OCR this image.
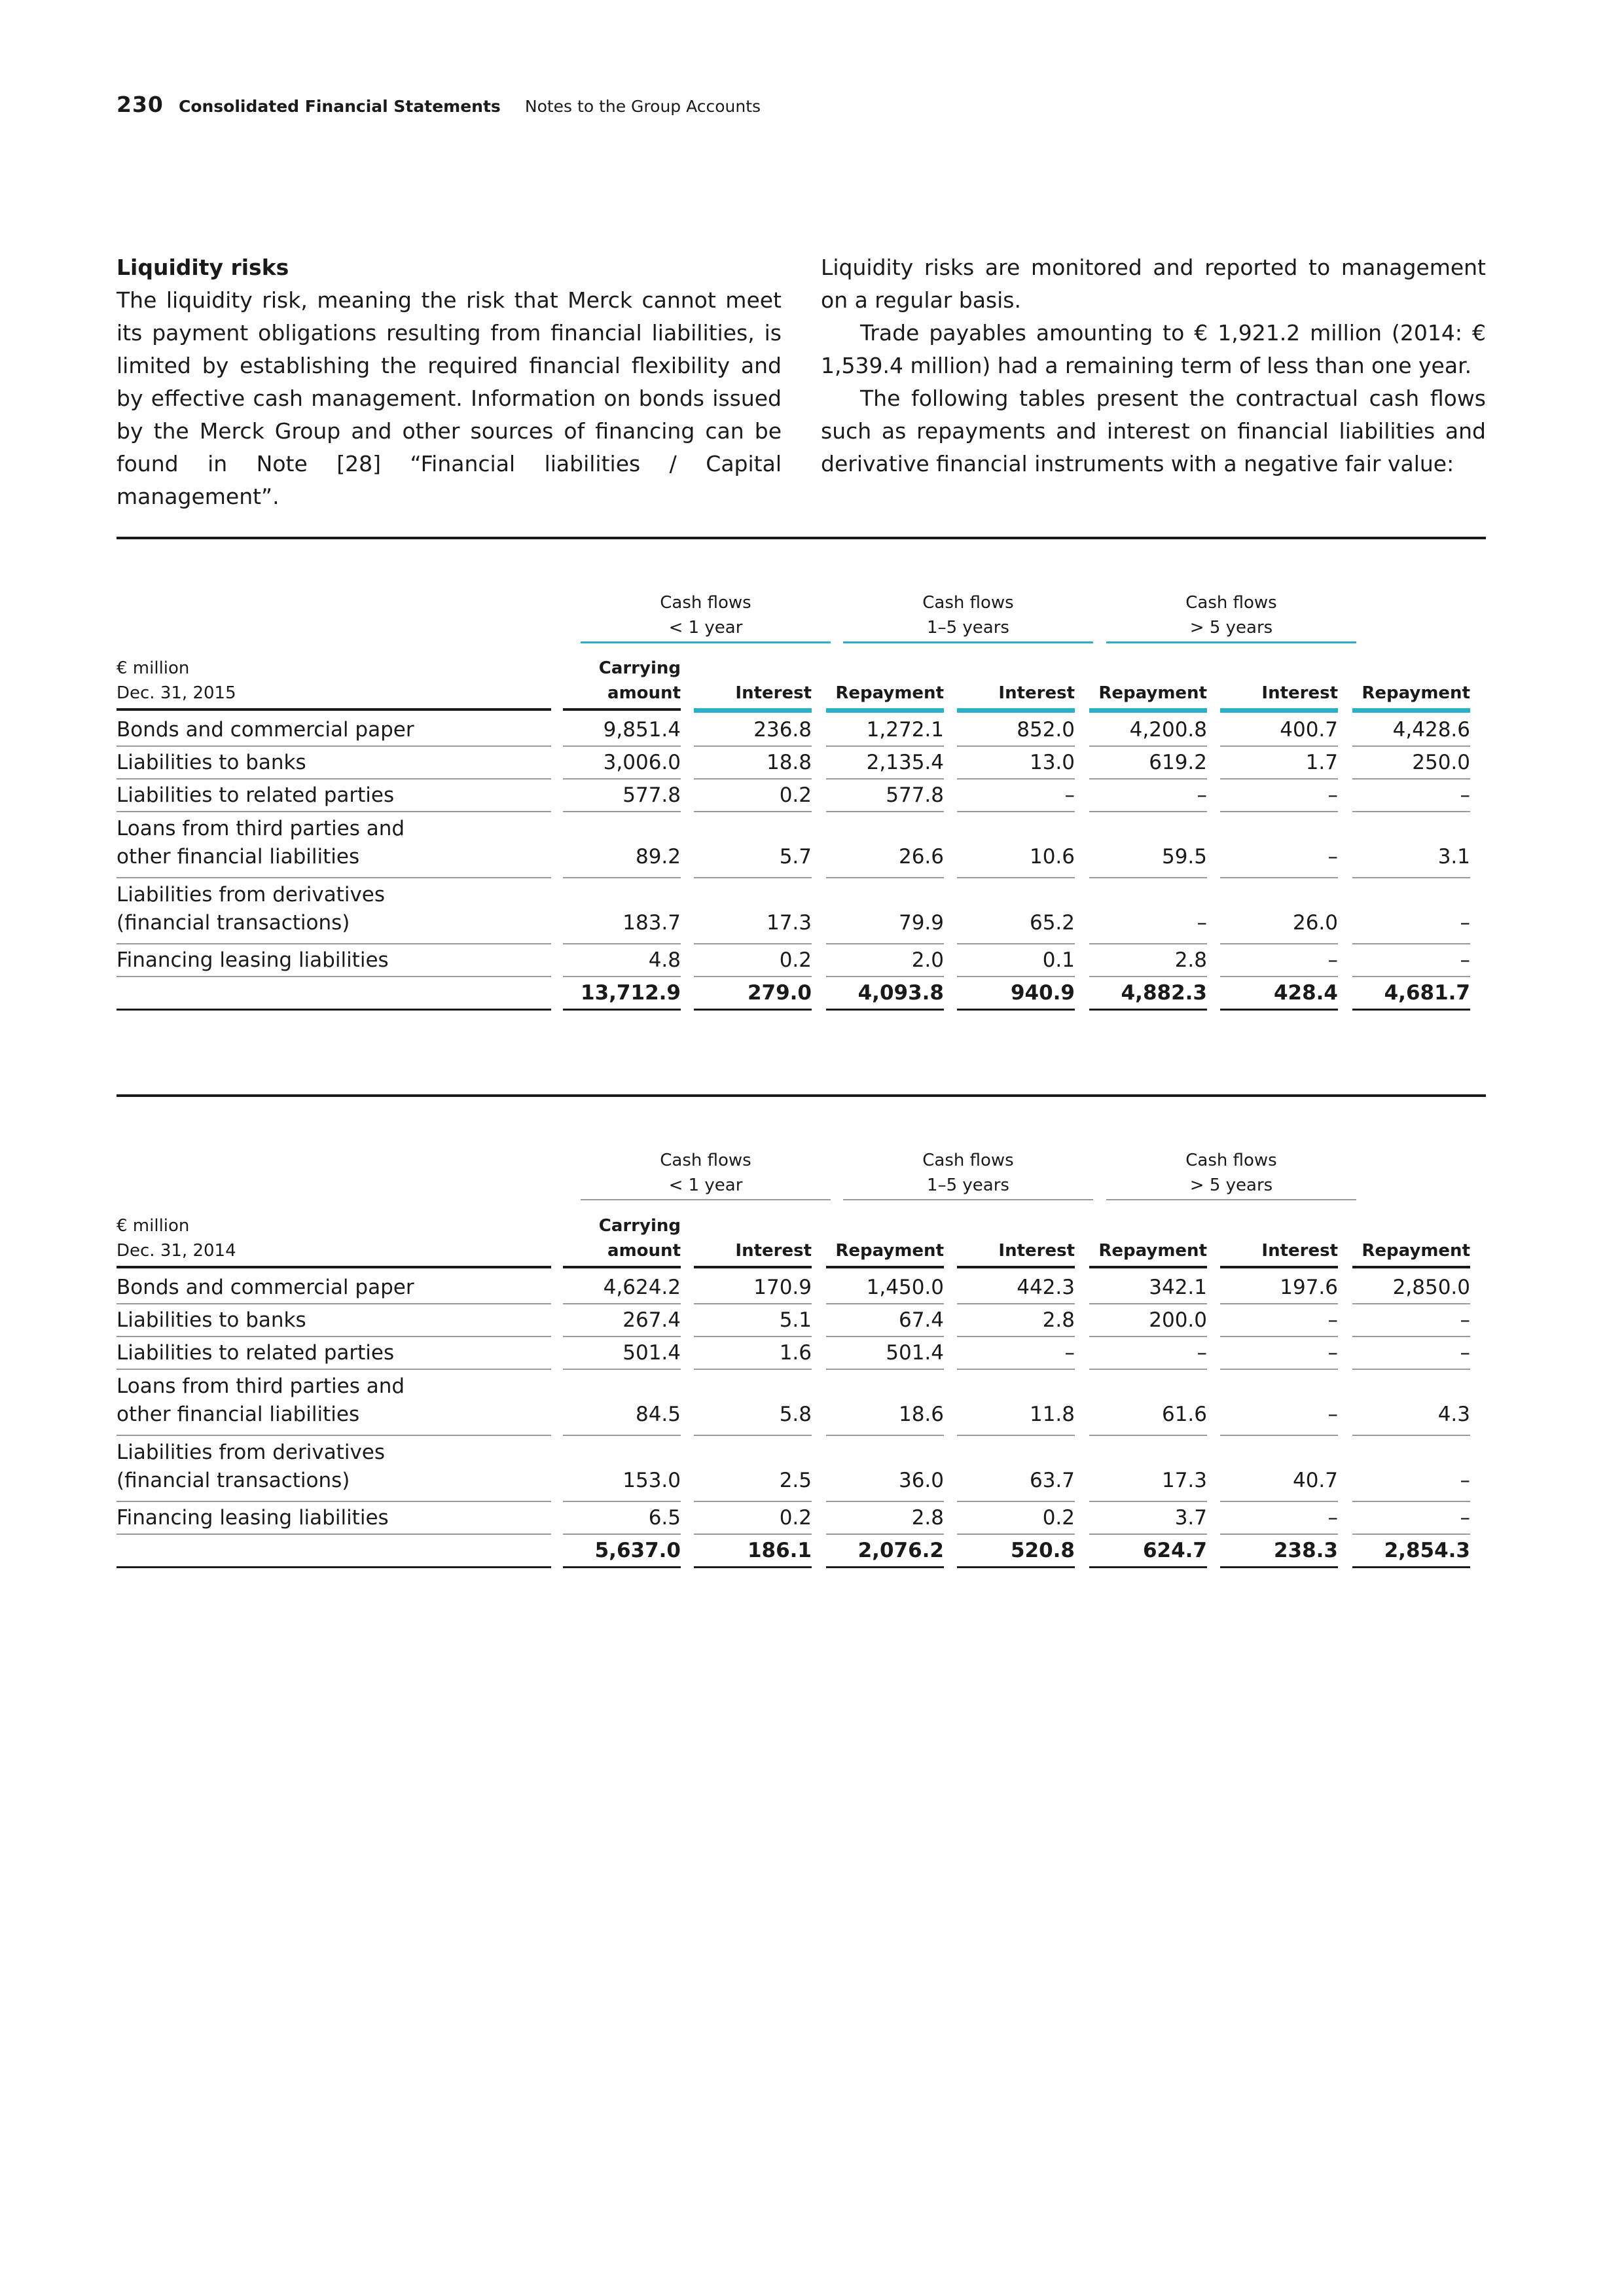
230 Consolidated Financial Statements Notes to the Group Accounts

Liquidity risks

The liquidity risk, meaning the risk that Merck cannot meet its payment obligations resulting from financial liabilities, is limited by establishing the required financial flexibility and by effective cash management. Information on bonds issued by the Merck Group and other sources of financing can be found in Note [28] “Financial liabilities / Capital management”.

Liquidity risks are monitored and reported to management on a regular basis.

Trade payables amounting to € 1,921.2 million (2014: € 1,539.4 million) had a remaining term of less than one year.

The following tables present the contractual cash flows such as repayments and interest on financial liabilities and derivative financial instruments with a negative fair value:

Cash flows
< 1 year
Cash flows
1–5 years
Cash flows
> 5 years
€ million
Dec. 31, 2015
Carrying
amount	Interest	Repayment	Interest	Repayment	Interest	Repayment
Bonds and commercial paper	9,851.4	236.8	1,272.1	852.0	4,200.8	400.7	4,428.6
Liabilities to banks	3,006.0	18.8	2,135.4	13.0	619.2	1.7	250.0
Liabilities to related parties	577.8	0.2	577.8	–	–	–	–
Loans from third parties and
other financial liabilities	89.2	5.7	26.6	10.6	59.5	–	3.1
Liabilities from derivatives
(financial transactions)	183.7	17.3	79.9	65.2	–	26.0	–
Financing leasing liabilities	4.8	0.2	2.0	0.1	2.8	–	–
13,712.9	279.0	4,093.8	940.9	4,882.3	428.4	4,681.7
Cash flows
< 1 year
Cash flows
1–5 years
Cash flows
> 5 years
€ million
Dec. 31, 2014
Carrying
amount	Interest	Repayment	Interest	Repayment	Interest	Repayment
Bonds and commercial paper	4,624.2	170.9	1,450.0	442.3	342.1	197.6	2,850.0
Liabilities to banks	267.4	5.1	67.4	2.8	200.0	–	–
Liabilities to related parties	501.4	1.6	501.4	–	–	–	–
Loans from third parties and
other financial liabilities	84.5	5.8	18.6	11.8	61.6	–	4.3
Liabilities from derivatives
(financial transactions)	153.0	2.5	36.0	63.7	17.3	40.7	–
Financing leasing liabilities	6.5	0.2	2.8	0.2	3.7	–	–
5,637.0	186.1	2,076.2	520.8	624.7	238.3	2,854.3
